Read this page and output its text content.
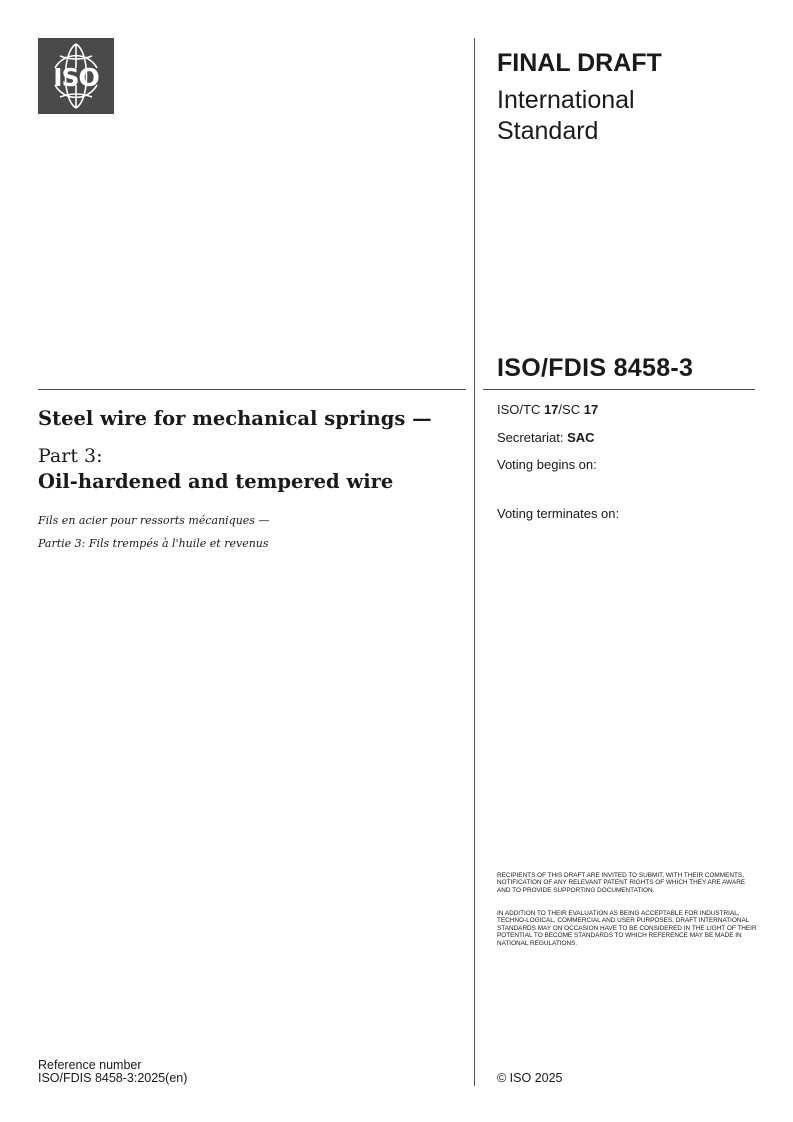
ISO	FINAL DRAFT
International
Standard
ISO/FDIS 8458-3
Steel wire for mechanical springs —
Part 3:
Oil-hardened and tempered wire
Fils en acier pour ressorts mécaniques —
Partie 3: Fils trempés à l'huile et revenus
ISO/TC 17/SC 17
Secretariat: SAC
Voting begins on:
Voting terminates on:
RECIPIENTS OF THIS DRAFT ARE INVITED TO SUBMIT, WITH THEIR COMMENTS, NOTIFICATION OF ANY RELEVANT PATENT RIGHTS OF WHICH THEY ARE AWARE AND TO PROVIDE SUPPORTING DOCUMENTATION.
IN ADDITION TO THEIR EVALUATION AS BEING ACCEPTABLE FOR INDUSTRIAL, TECHNO-LOGICAL, COMMERCIAL AND USER PURPOSES, DRAFT INTERNATIONAL STANDARDS MAY ON OCCASION HAVE TO BE CONSIDERED IN THE LIGHT OF THEIR POTENTIAL TO BECOME STANDARDS TO WHICH REFERENCE MAY BE MADE IN NATIONAL REGULATIONS.
Reference number
ISO/FDIS 8458-3:2025(en)	© ISO 2025
